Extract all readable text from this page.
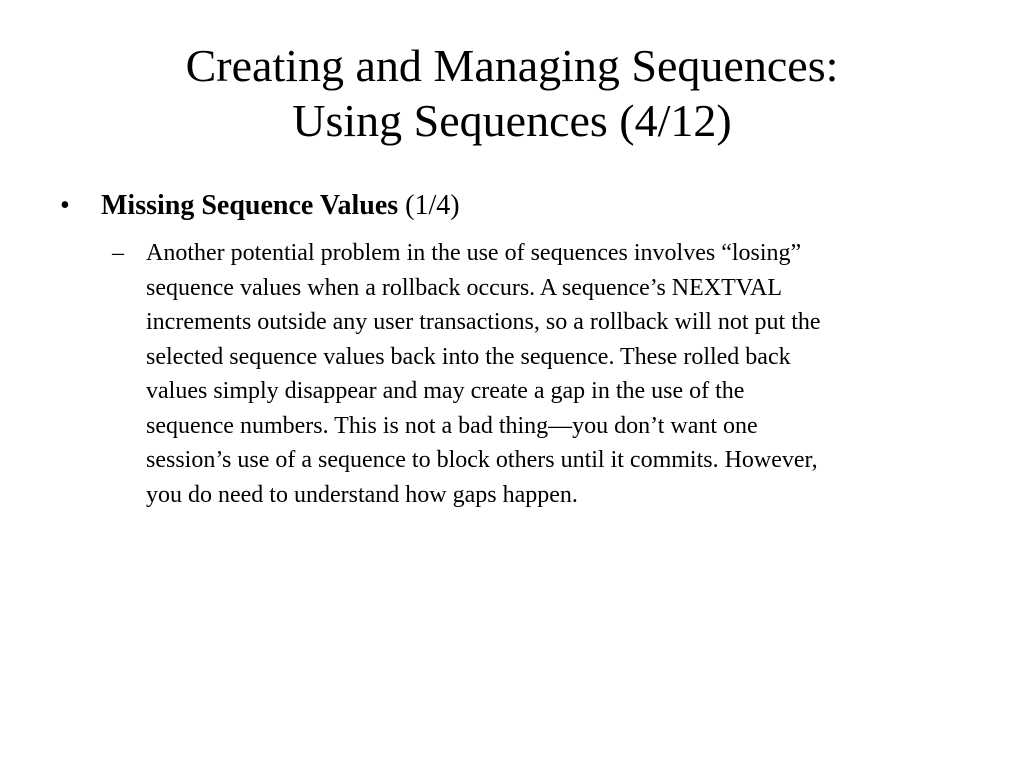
Creating and Managing Sequences:
Using Sequences (4/12)
• Missing Sequence Values (1/4)
– Another potential problem in the use of sequences involves “losing”
sequence values when a rollback occurs. A sequence’s NEXTVAL
increments outside any user transactions, so a rollback will not put the
selected sequence values back into the sequence. These rolled back
values simply disappear and may create a gap in the use of the
sequence numbers. This is not a bad thing—you don’t want one
session’s use of a sequence to block others until it commits. However,
you do need to understand how gaps happen.
